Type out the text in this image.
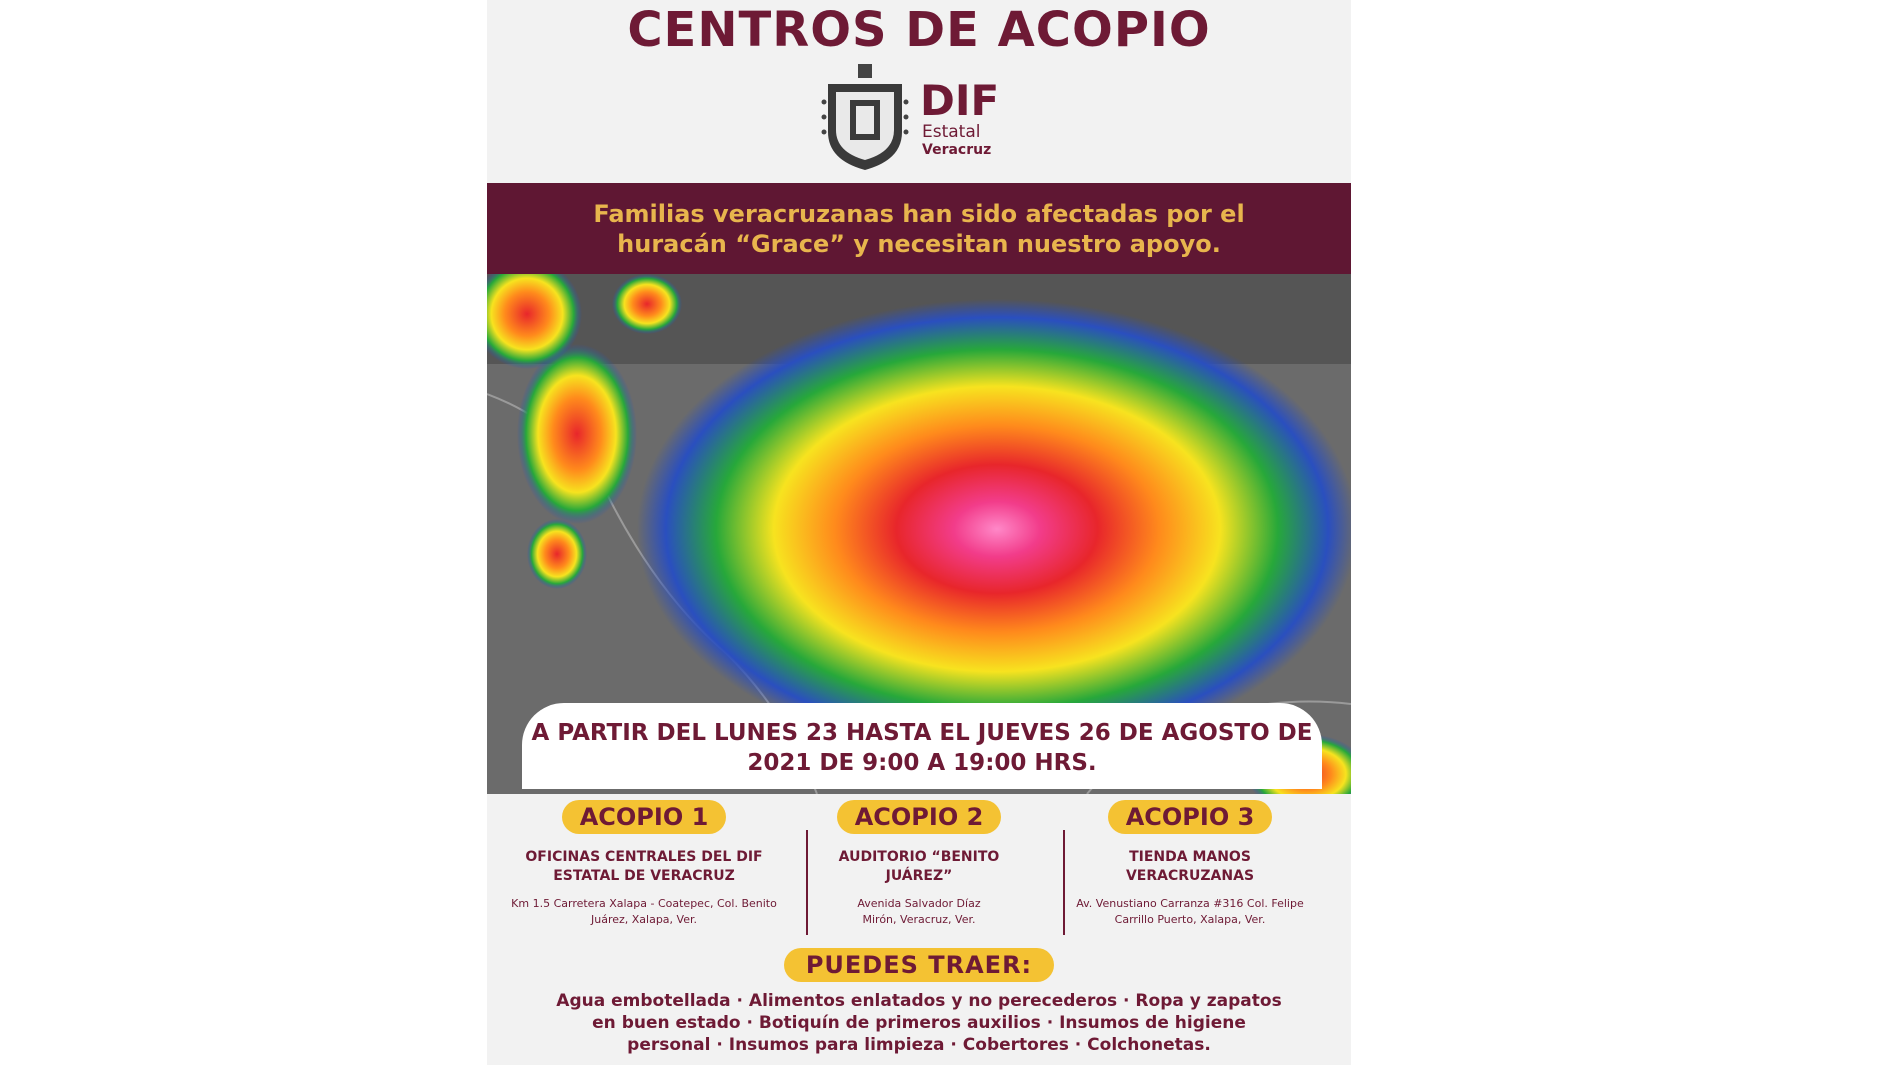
CENTROS DE ACOPIO
DIF
Estatal
Veracruz
Familias veracruzanas han sido afectadas por el huracán “Grace” y necesitan nuestro apoyo.
A PARTIR DEL LUNES 23 HASTA EL JUEVES 26 DE AGOSTO DE 2021 DE 9:00 A 19:00 HRS.
ACOPIO 1
OFICINAS CENTRALES DEL DIF ESTATAL DE VERACRUZ
Km 1.5 Carretera Xalapa - Coatepec, Col. Benito Juárez, Xalapa, Ver.
ACOPIO 2
AUDITORIO “BENITO JUÁREZ”
Avenida Salvador Díaz Mirón, Veracruz, Ver.
ACOPIO 3
TIENDA MANOS VERACRUZANAS
Av. Venustiano Carranza #316 Col. Felipe Carrillo Puerto, Xalapa, Ver.
PUEDES TRAER:
Agua embotellada · Alimentos enlatados y no perecederos · Ropa y zapatos en buen estado · Botiquín de primeros auxilios · Insumos de higiene personal · Insumos para limpieza · Cobertores · Colchonetas.
